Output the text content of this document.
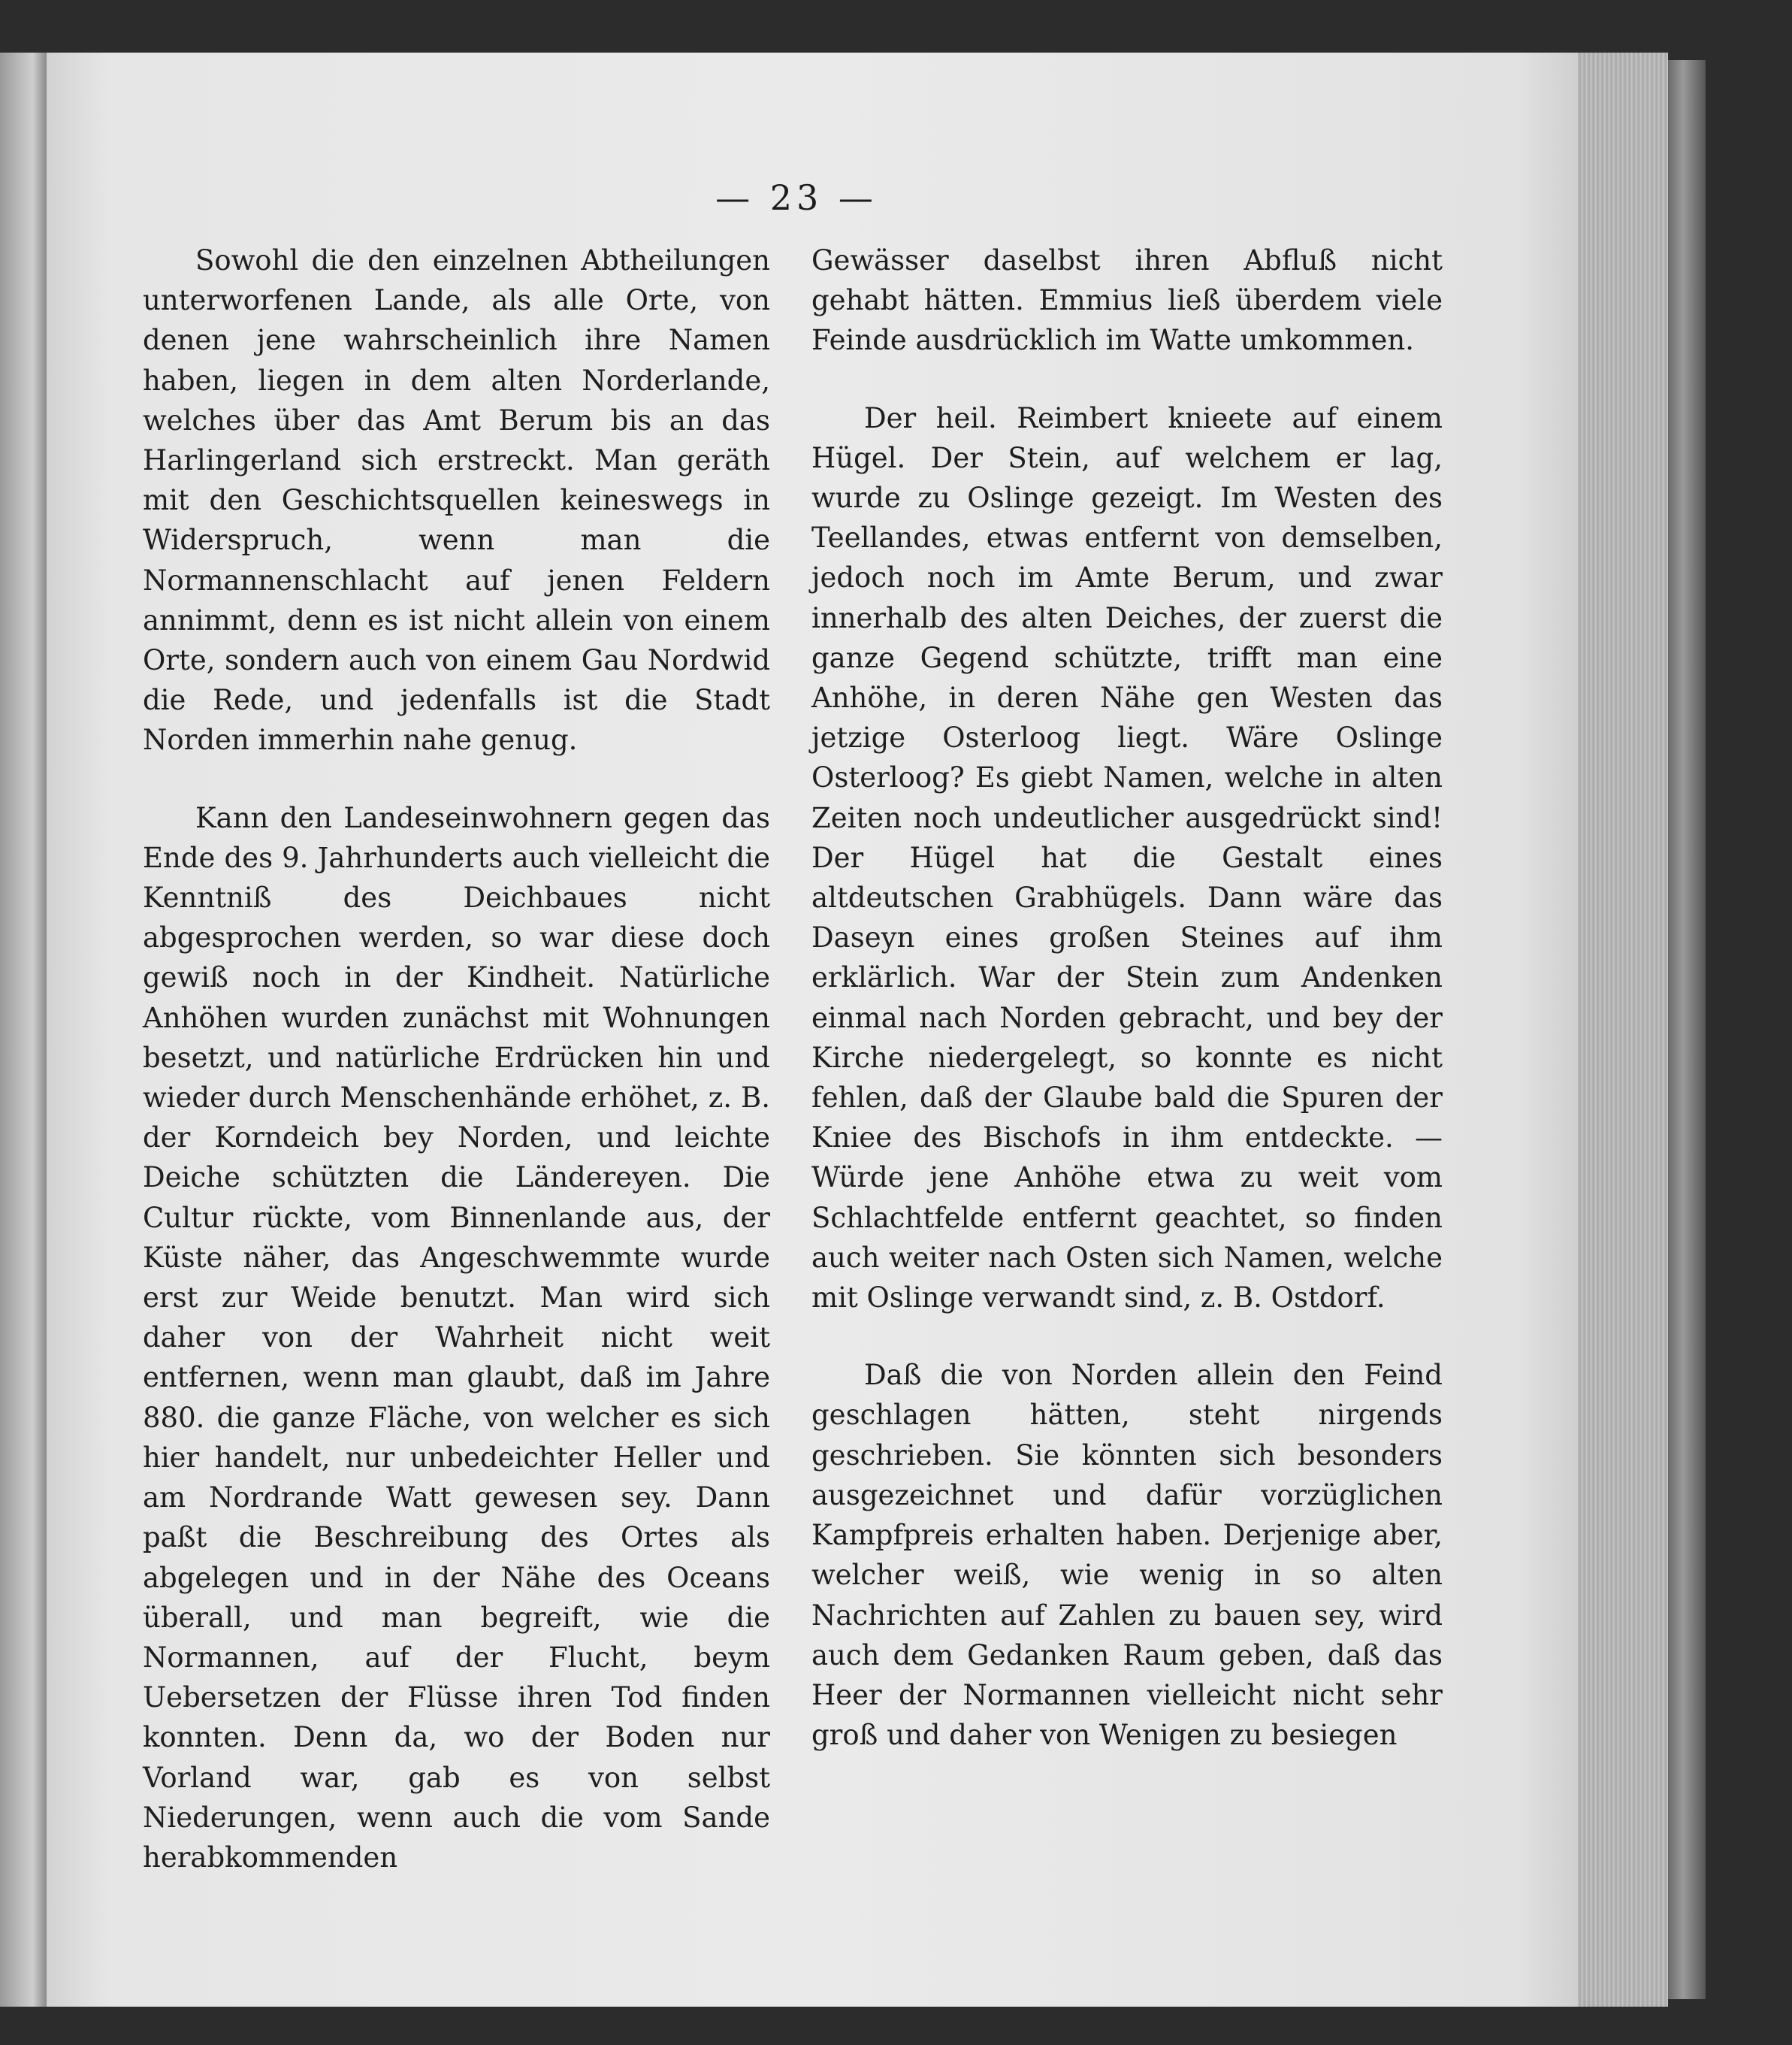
— 23 —

Sowohl die den einzelnen Abtheilungen unterworfenen Lande, als alle Orte, von denen jene wahrscheinlich ihre Namen haben, liegen in dem alten Norderlande, welches über das Amt Berum bis an das Harlingerland sich erstreckt. Man geräth mit den Geschichtsquellen keineswegs in Widerspruch, wenn man die Normannenschlacht auf jenen Feldern annimmt, denn es ist nicht allein von einem Orte, sondern auch von einem Gau Nordwid die Rede, und jedenfalls ist die Stadt Norden immerhin nahe genug.

Kann den Landeseinwohnern gegen das Ende des 9. Jahrhunderts auch vielleicht die Kenntniß des Deichbaues nicht abgesprochen werden, so war diese doch gewiß noch in der Kindheit. Natürliche Anhöhen wurden zunächst mit Wohnungen besetzt, und natürliche Erdrücken hin und wieder durch Menschenhände erhöhet, z. B. der Korndeich bey Norden, und leichte Deiche schützten die Ländereyen. Die Cultur rückte, vom Binnenlande aus, der Küste näher, das Angeschwemmte wurde erst zur Weide benutzt. Man wird sich daher von der Wahrheit nicht weit entfernen, wenn man glaubt, daß im Jahre 880. die ganze Fläche, von welcher es sich hier handelt, nur unbedeichter Heller und am Nordrande Watt gewesen sey. Dann paßt die Beschreibung des Ortes als abgelegen und in der Nähe des Oceans überall, und man begreift, wie die Normannen, auf der Flucht, beym Uebersetzen der Flüsse ihren Tod finden konnten. Denn da, wo der Boden nur Vorland war, gab es von selbst Niederungen, wenn auch die vom Sande herabkommenden

Gewässer daselbst ihren Abfluß nicht gehabt hätten. Emmius ließ überdem viele Feinde ausdrücklich im Watte umkommen.

Der heil. Reimbert knieete auf einem Hügel. Der Stein, auf welchem er lag, wurde zu Oslinge gezeigt. Im Westen des Teellandes, etwas entfernt von demselben, jedoch noch im Amte Berum, und zwar innerhalb des alten Deiches, der zuerst die ganze Gegend schützte, trifft man eine Anhöhe, in deren Nähe gen Westen das jetzige Osterloog liegt. Wäre Oslinge Osterloog? Es giebt Namen, welche in alten Zeiten noch undeutlicher ausgedrückt sind! Der Hügel hat die Gestalt eines altdeutschen Grabhügels. Dann wäre das Daseyn eines großen Steines auf ihm erklärlich. War der Stein zum Andenken einmal nach Norden gebracht, und bey der Kirche niedergelegt, so konnte es nicht fehlen, daß der Glaube bald die Spuren der Kniee des Bischofs in ihm entdeckte. — Würde jene Anhöhe etwa zu weit vom Schlachtfelde entfernt geachtet, so finden auch weiter nach Osten sich Namen, welche mit Oslinge verwandt sind, z. B. Ostdorf.

Daß die von Norden allein den Feind geschlagen hätten, steht nirgends geschrieben. Sie könnten sich besonders ausgezeichnet und dafür vorzüglichen Kampfpreis erhalten haben. Derjenige aber, welcher weiß, wie wenig in so alten Nachrichten auf Zahlen zu bauen sey, wird auch dem Gedanken Raum geben, daß das Heer der Normannen vielleicht nicht sehr groß und daher von Wenigen zu besiegen
